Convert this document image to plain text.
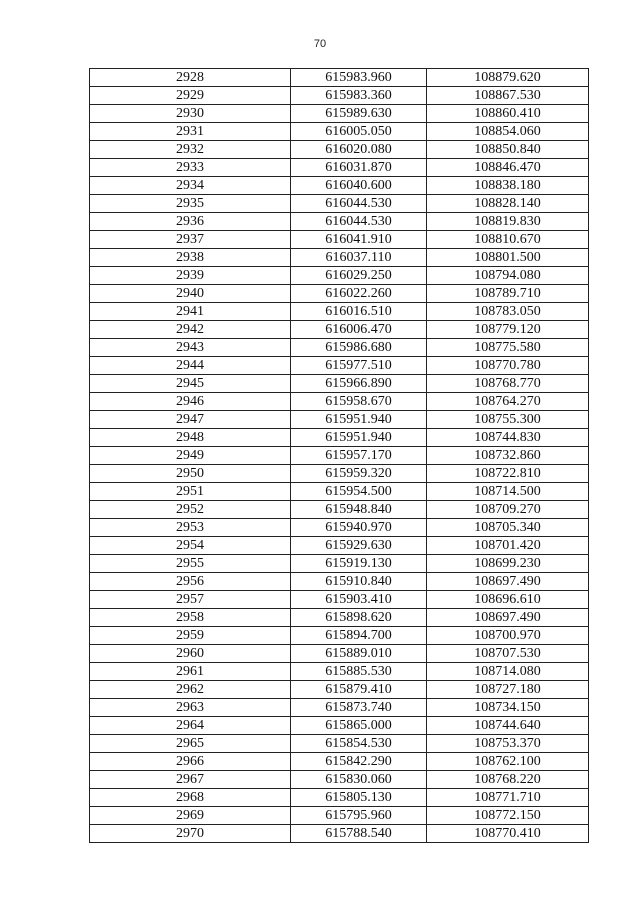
70
2928	615983.960	108879.620
2929	615983.360	108867.530
2930	615989.630	108860.410
2931	616005.050	108854.060
2932	616020.080	108850.840
2933	616031.870	108846.470
2934	616040.600	108838.180
2935	616044.530	108828.140
2936	616044.530	108819.830
2937	616041.910	108810.670
2938	616037.110	108801.500
2939	616029.250	108794.080
2940	616022.260	108789.710
2941	616016.510	108783.050
2942	616006.470	108779.120
2943	615986.680	108775.580
2944	615977.510	108770.780
2945	615966.890	108768.770
2946	615958.670	108764.270
2947	615951.940	108755.300
2948	615951.940	108744.830
2949	615957.170	108732.860
2950	615959.320	108722.810
2951	615954.500	108714.500
2952	615948.840	108709.270
2953	615940.970	108705.340
2954	615929.630	108701.420
2955	615919.130	108699.230
2956	615910.840	108697.490
2957	615903.410	108696.610
2958	615898.620	108697.490
2959	615894.700	108700.970
2960	615889.010	108707.530
2961	615885.530	108714.080
2962	615879.410	108727.180
2963	615873.740	108734.150
2964	615865.000	108744.640
2965	615854.530	108753.370
2966	615842.290	108762.100
2967	615830.060	108768.220
2968	615805.130	108771.710
2969	615795.960	108772.150
2970	615788.540	108770.410
